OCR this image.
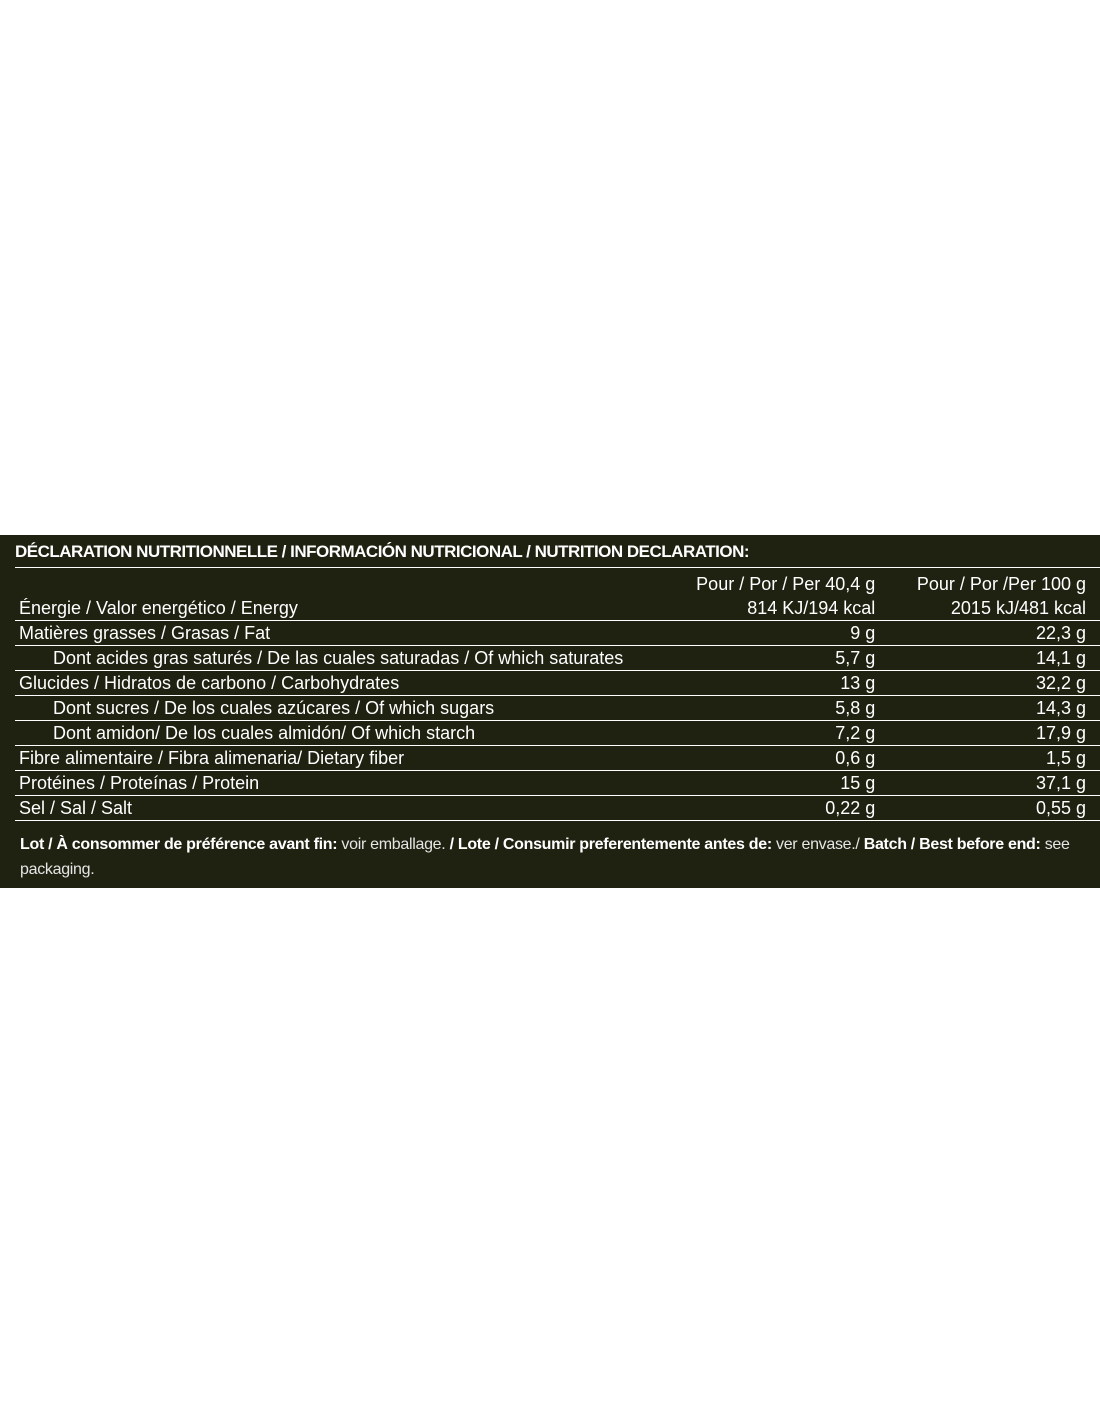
DÉCLARATION NUTRITIONNELLE / INFORMACIÓN NUTRICIONAL / NUTRITION DECLARATION:
	Pour / Por / Per 40,4 g		Pour / Por /Per 100 g
Énergie / Valor energético / Energy	814 KJ/194 kcal		2015 kJ/481 kcal
Matières grasses / Grasas / Fat	9 g		22,3 g
Dont acides gras saturés / De las cuales saturadas / Of which saturates	5,7 g		14,1 g
Glucides / Hidratos de carbono / Carbohydrates	13 g		32,2 g
Dont sucres / De los cuales azúcares / Of which sugars	5,8 g		14,3 g
Dont amidon/ De los cuales almidón/ Of which starch	7,2 g		17,9 g
Fibre alimentaire / Fibra alimenaria/ Dietary fiber	0,6 g		1,5 g
Protéines / Proteínas / Protein	15 g		37,1 g
Sel / Sal / Salt	0,22 g		0,55 g
Lot / À consommer de préférence avant fin: voir emballage. / Lote / Consumir preferentemente antes de: ver envase./ Batch / Best before end: see packaging.
